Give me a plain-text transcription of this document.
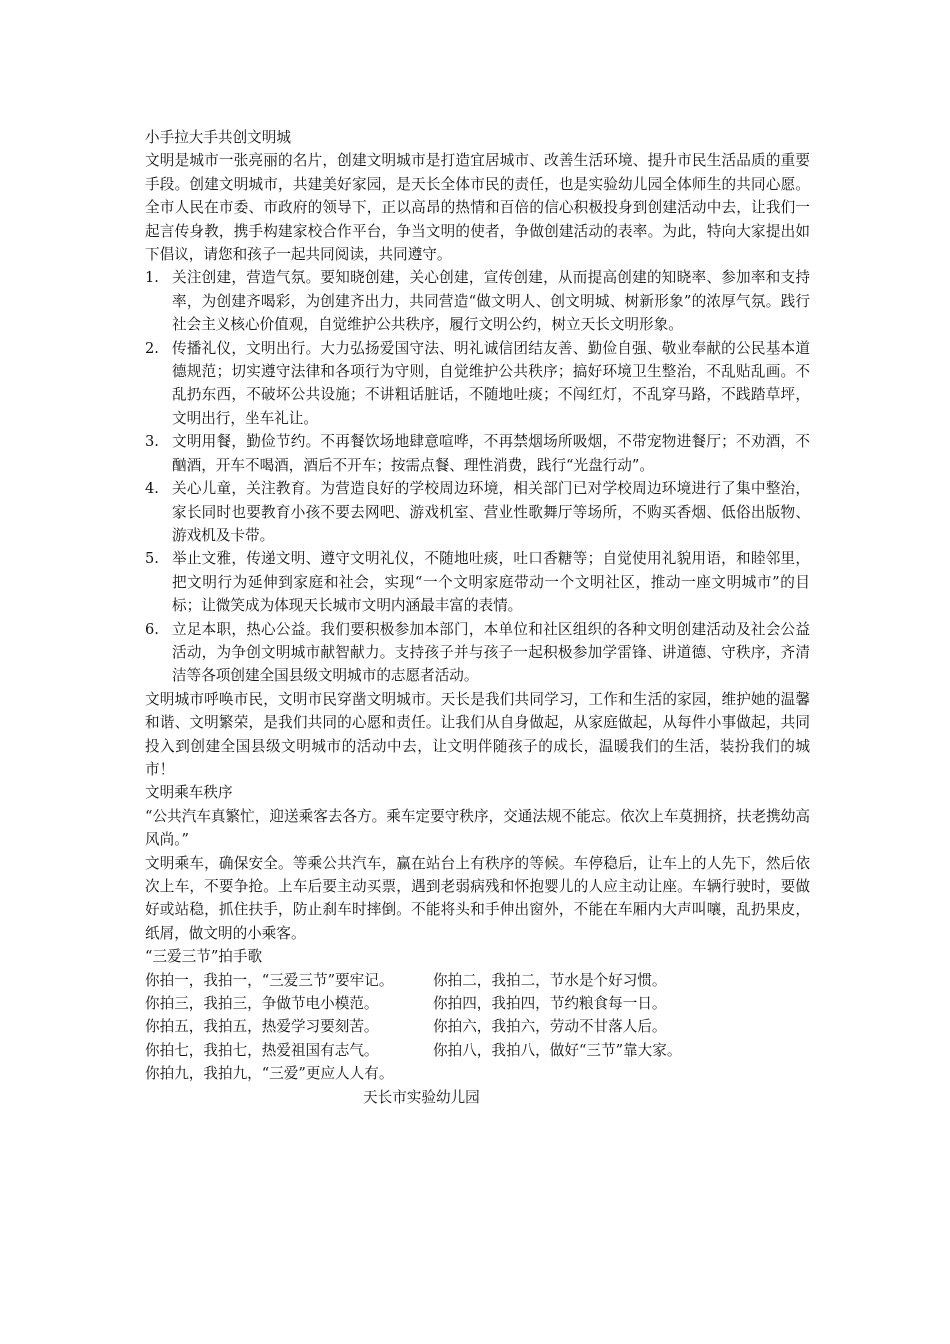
小手拉大手共创文明城

文明是城市一张亮丽的名片，创建文明城市是打造宜居城市、改善生活环境、提升市民生活品质的重要手段。创建文明城市，共建美好家园，是天长全体市民的责任，也是实验幼儿园全体师生的共同心愿。全市人民在市委、市政府的领导下，正以高昂的热情和百倍的信心积极投身到创建活动中去，让我们一起言传身教，携手构建家校合作平台，争当文明的使者，争做创建活动的表率。为此，特向大家提出如下倡议，请您和孩子一起共同阅读，共同遵守。

1. 关注创建，营造气氛。要知晓创建，关心创建，宣传创建，从而提高创建的知晓率、参加率和支持率，为创建齐喝彩，为创建齐出力，共同营造“做文明人、创文明城、树新形象”的浓厚气氛。践行社会主义核心价值观，自觉维护公共秩序，履行文明公约，树立天长文明形象。
2. 传播礼仪，文明出行。大力弘扬爱国守法、明礼诚信团结友善、勤俭自强、敬业奉献的公民基本道德规范；切实遵守法律和各项行为守则，自觉维护公共秩序；搞好环境卫生整治，不乱贴乱画。不乱扔东西，不破坏公共设施；不讲粗话脏话，不随地吐痰；不闯红灯，不乱穿马路，不践踏草坪，文明出行，坐车礼让。
3. 文明用餐，勤俭节约。不再餐饮场地肆意喧哗，不再禁烟场所吸烟，不带宠物进餐厅；不劝酒，不酗酒，开车不喝酒，酒后不开车；按需点餐、理性消费，践行“光盘行动”。
4. 关心儿童，关注教育。为营造良好的学校周边环境，相关部门已对学校周边环境进行了集中整治，家长同时也要教育小孩不要去网吧、游戏机室、营业性歌舞厅等场所，不购买香烟、低俗出版物、游戏机及卡带。
5. 举止文雅，传递文明、遵守文明礼仪，不随地吐痰，吐口香糖等；自觉使用礼貌用语，和睦邻里，把文明行为延伸到家庭和社会，实现“一个文明家庭带动一个文明社区，推动一座文明城市”的目标；让微笑成为体现天长城市文明内涵最丰富的表情。
6. 立足本职，热心公益。我们要积极参加本部门，本单位和社区组织的各种文明创建活动及社会公益活动，为争创文明城市献智献力。支持孩子并与孩子一起积极参加学雷锋、讲道德、守秩序，齐清洁等各项创建全国县级文明城市的志愿者活动。

文明城市呼唤市民，文明市民穿凿文明城市。天长是我们共同学习，工作和生活的家园，维护她的温馨和谐、文明繁荣，是我们共同的心愿和责任。让我们从自身做起，从家庭做起，从每件小事做起，共同投入到创建全国县级文明城市的活动中去，让文明伴随孩子的成长，温暖我们的生活，装扮我们的城市！

文明乘车秩序

“公共汽车真繁忙，迎送乘客去各方。乘车定要守秩序，交通法规不能忘。依次上车莫拥挤，扶老携幼高风尚。”

文明乘车，确保安全。等乘公共汽车，赢在站台上有秩序的等候。车停稳后，让车上的人先下，然后依次上车，不要争抢。上车后要主动买票，遇到老弱病残和怀抱婴儿的人应主动让座。车辆行驶时，要做好或站稳，抓住扶手，防止刹车时摔倒。不能将头和手伸出窗外，不能在车厢内大声叫嚷，乱扔果皮，纸屑，做文明的小乘客。

“三爱三节”拍手歌

你拍一，我拍一，“三爱三节”要牢记。	你拍二，我拍二，节水是个好习惯。

你拍三，我拍三，争做节电小模范。	你拍四，我拍四，节约粮食每一日。

你拍五，我拍五，热爱学习要刻苦。	你拍六，我拍六，劳动不甘落人后。

你拍七，我拍七，热爱祖国有志气。	你拍八，我拍八，做好“三节”靠大家。

你拍九，我拍九，“三爱”更应人人有。

天长市实验幼儿园
